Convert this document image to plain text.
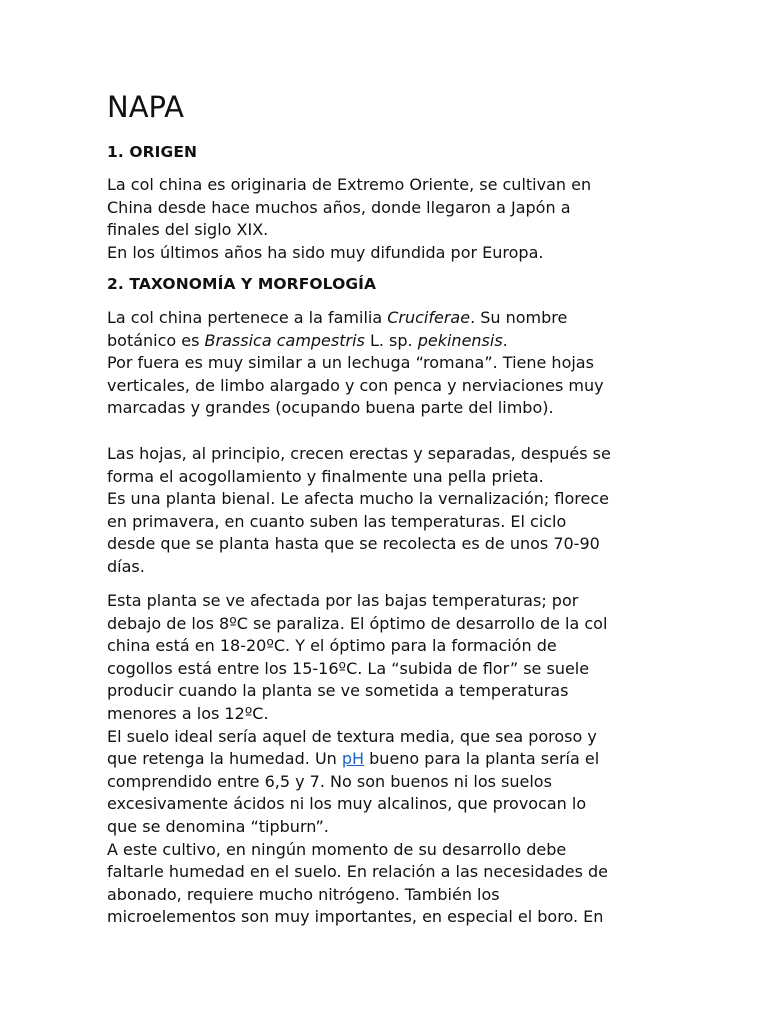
NAPA
1. ORIGEN

La col china es originaria de Extremo Oriente, se cultivan en
China desde hace muchos años, donde llegaron a Japón a
finales del siglo XIX.
En los últimos años ha sido muy difundida por Europa.

2. TAXONOMÍA Y MORFOLOGÍA

La col china pertenece a la familia Cruciferae. Su nombre
botánico es Brassica campestris L. sp. pekinensis.
Por fuera es muy similar a un lechuga “romana”. Tiene hojas
verticales, de limbo alargado y con penca y nerviaciones muy
marcadas y grandes (ocupando buena parte del limbo).

Las hojas, al principio, crecen erectas y separadas, después se
forma el acogollamiento y finalmente una pella prieta.
Es una planta bienal. Le afecta mucho la vernalización; florece
en primavera, en cuanto suben las temperaturas. El ciclo
desde que se planta hasta que se recolecta es de unos 70-90
días.

Esta planta se ve afectada por las bajas temperaturas; por
debajo de los 8ºC se paraliza. El óptimo de desarrollo de la col
china está en 18-20ºC. Y el óptimo para la formación de
cogollos está entre los 15-16ºC. La “subida de flor” se suele
producir cuando la planta se ve sometida a temperaturas
menores a los 12ºC.
El suelo ideal sería aquel de textura media, que sea poroso y
que retenga la humedad. Un pH bueno para la planta sería el
comprendido entre 6,5 y 7. No son buenos ni los suelos
excesivamente ácidos ni los muy alcalinos, que provocan lo
que se denomina “tipburn”.
A este cultivo, en ningún momento de su desarrollo debe
faltarle humedad en el suelo. En relación a las necesidades de
abonado, requiere mucho nitrógeno. También los
microelementos son muy importantes, en especial el boro. En
